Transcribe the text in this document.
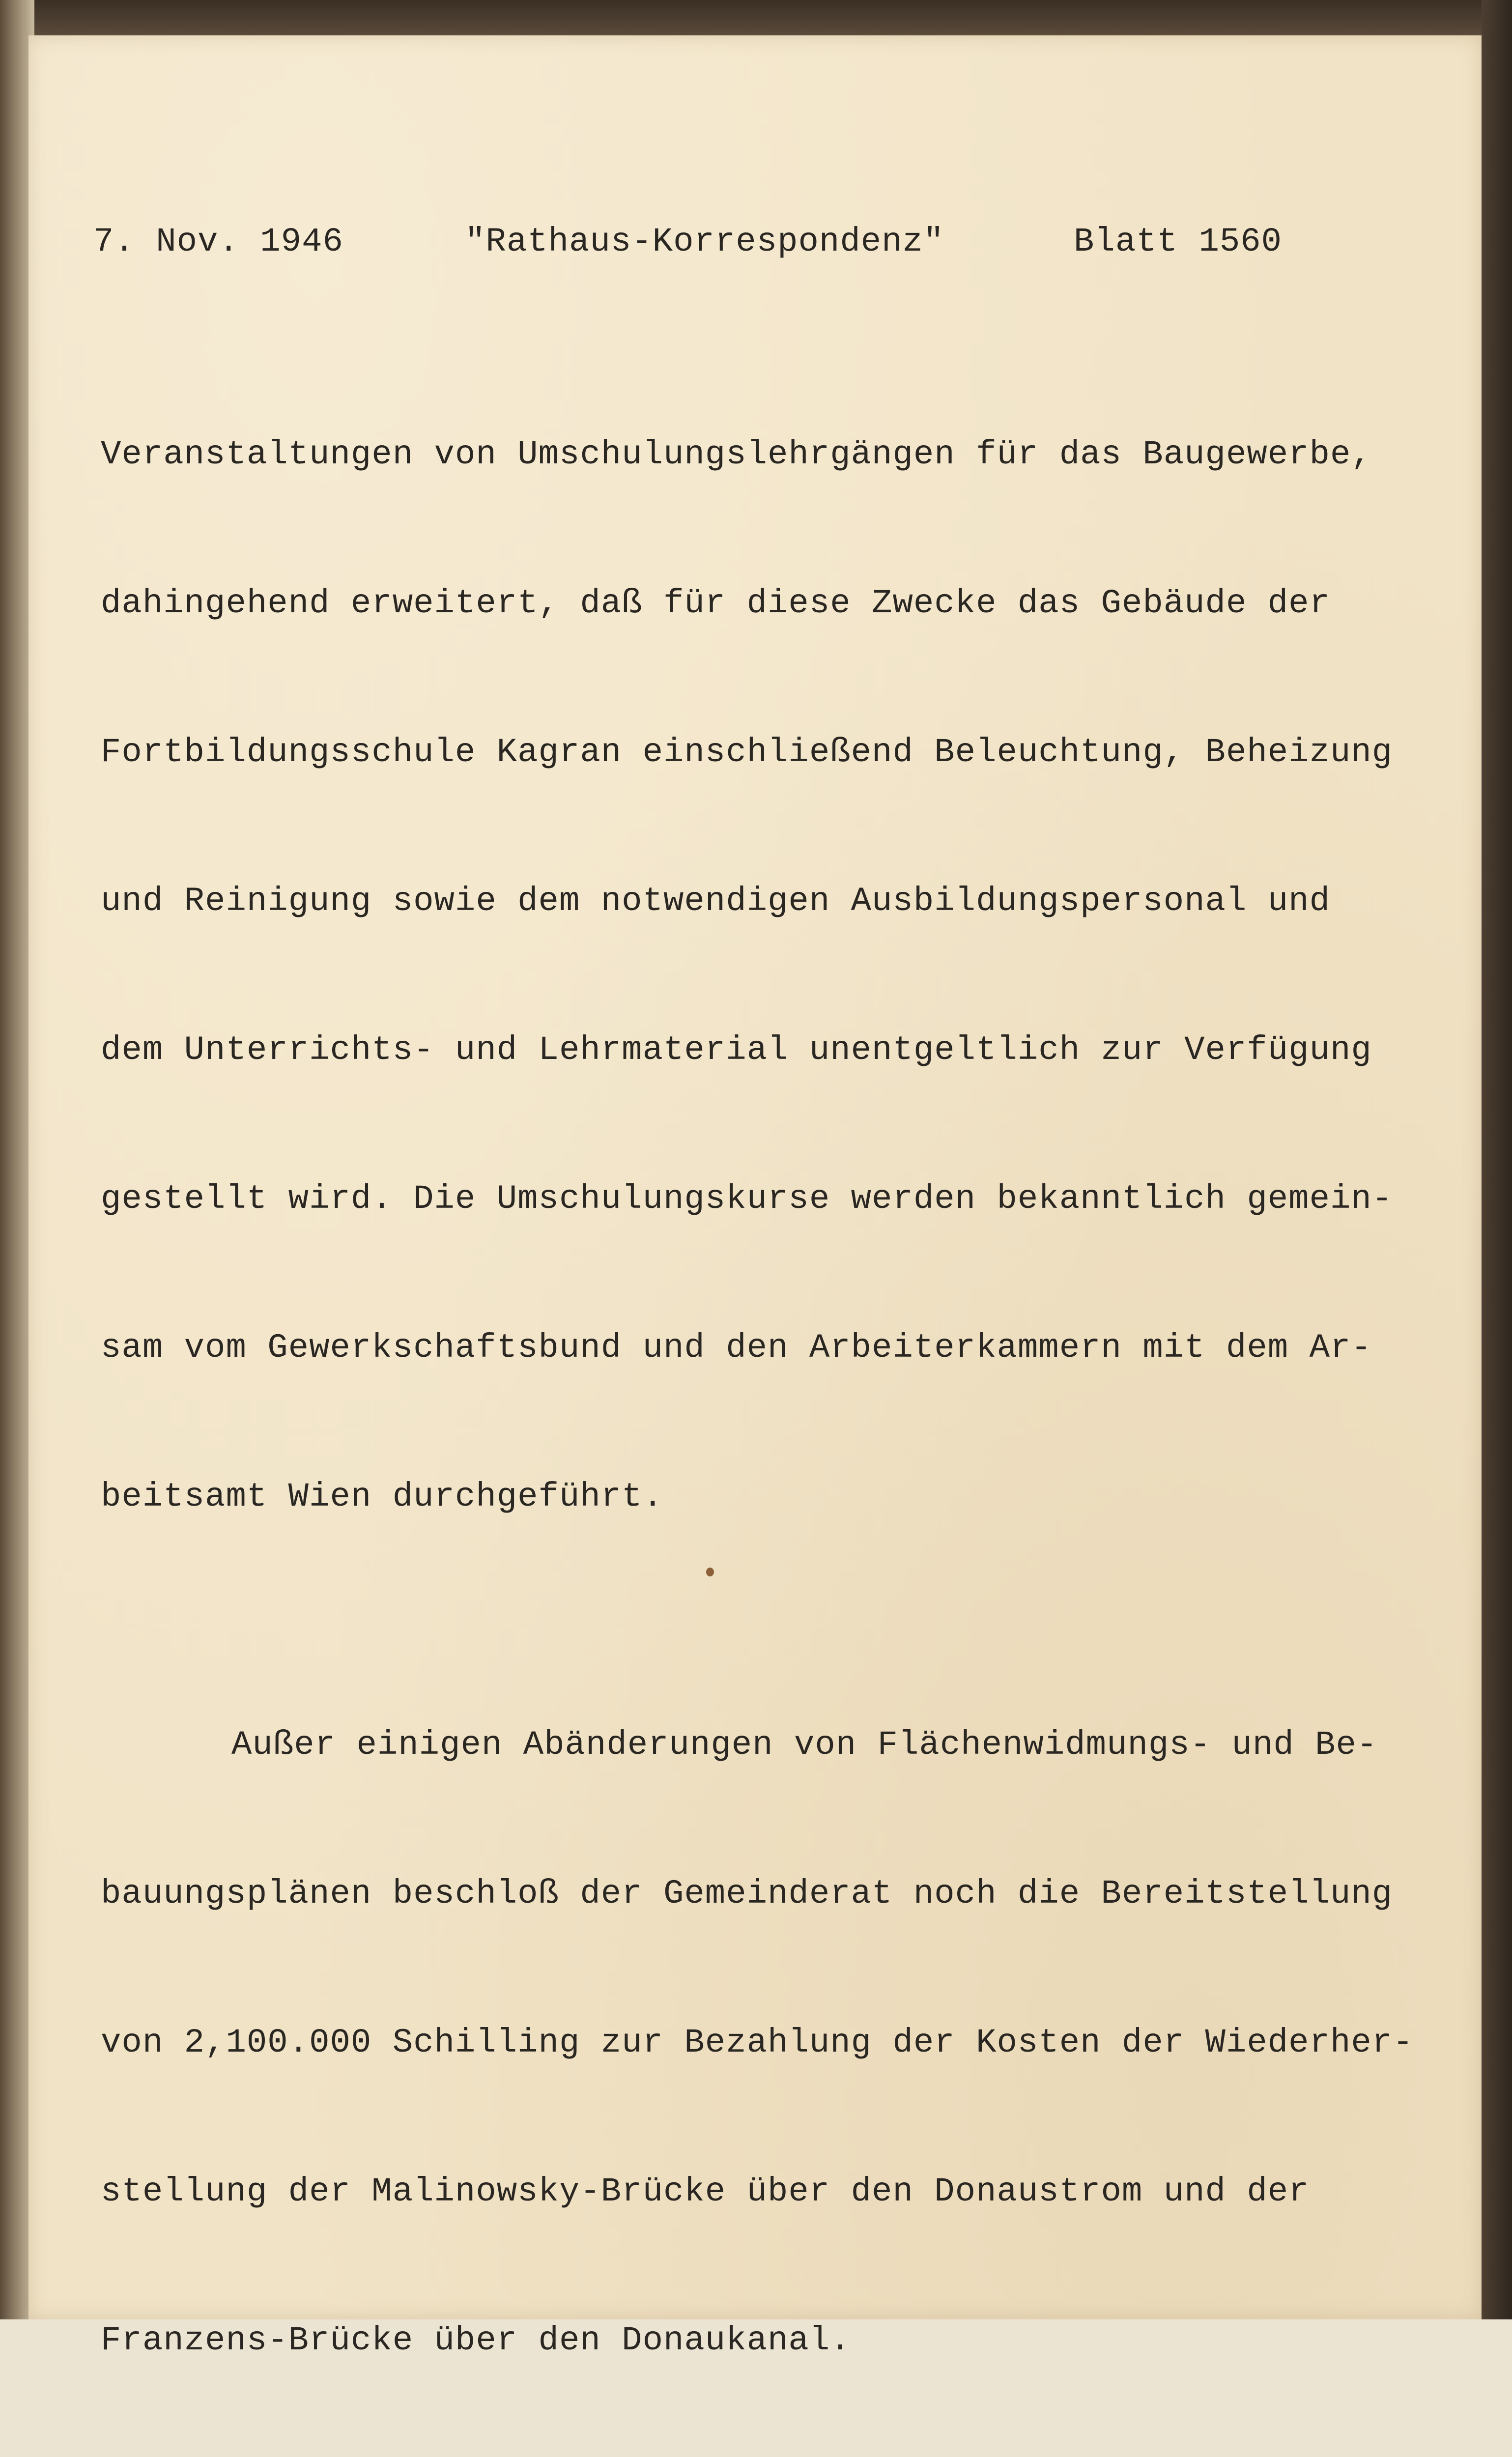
7. Nov. 1946

	"Rathaus-Korrespondenz"

	Blatt 1560

Veranstaltungen von Umschulungslehrgängen für das Baugewerbe,

dahingehend erweitert, daß für diese Zwecke das Gebäude der

Fortbildungsschule Kagran einschließend Beleuchtung, Beheizung

und Reinigung sowie dem notwendigen Ausbildungspersonal und

dem Unterrichts- und Lehrmaterial unentgeltlich zur Verfügung

gestellt wird. Die Umschulungskurse werden bekanntlich gemein-

sam vom Gewerkschaftsbund und den Arbeiterkammern mit dem Ar-

beitsamt Wien durchgeführt.

Außer einigen Abänderungen von Flächenwidmungs- und Be-

bauungsplänen beschloß der Gemeinderat noch die Bereitstellung

von 2,100.000 Schilling zur Bezahlung der Kosten der Wiederher-

stellung der Malinowsky-Brücke über den Donaustrom und der

Franzens-Brücke über den Donaukanal.
